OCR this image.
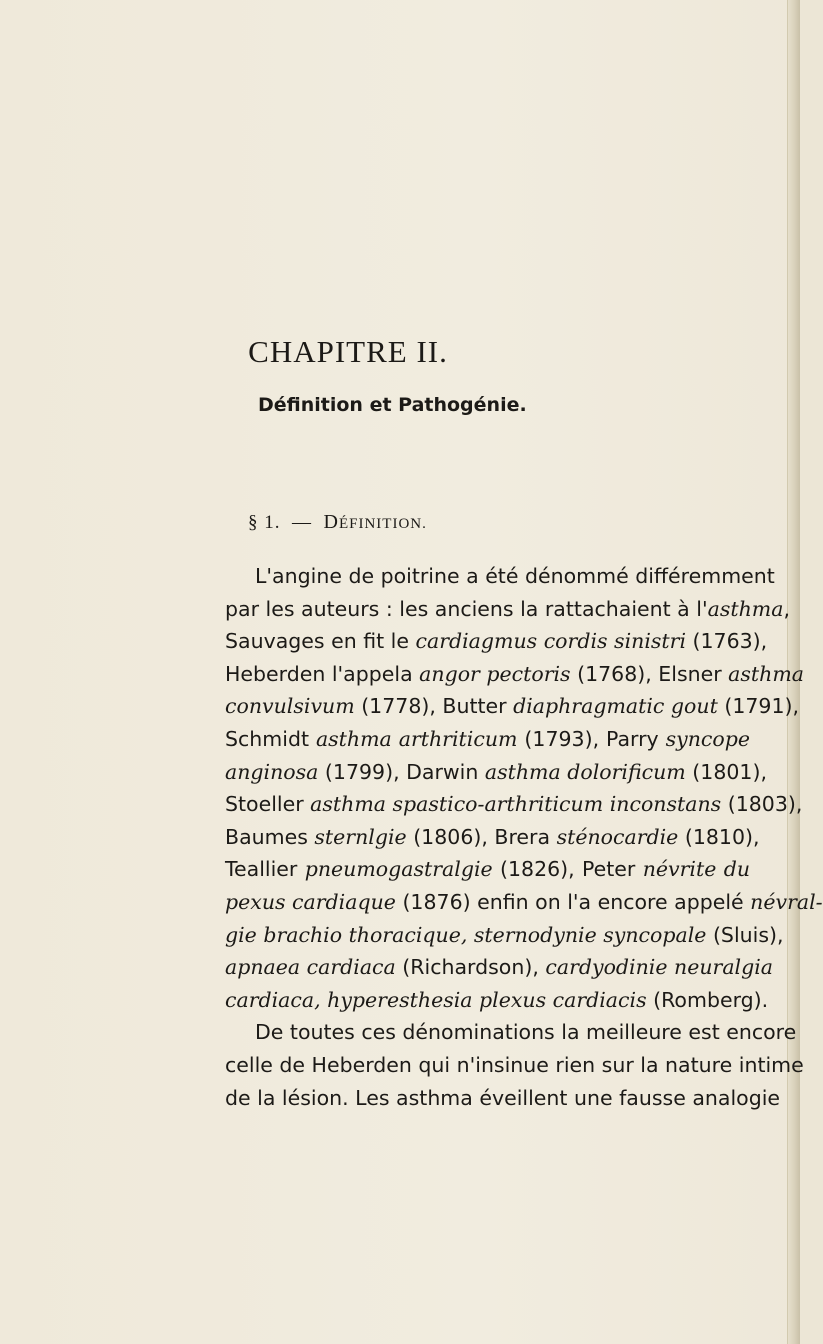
CHAPITRE II.
Définition et Pathogénie.
§ 1. — DÉFINITION.
L'angine de poitrine a été dénommé différemment
par les auteurs : les anciens la rattachaient à l'asthma,
Sauvages en fit le cardiagmus cordis sinistri (1763),
Heberden l'appela angor pectoris (1768), Elsner asthma
convulsivum (1778), Butter diaphragmatic gout (1791),
Schmidt asthma arthriticum (1793), Parry syncope
anginosa (1799), Darwin asthma dolorificum (1801),
Stoeller asthma spastico-arthriticum inconstans (1803),
Baumes sternlgie (1806), Brera sténocardie (1810),
Teallier pneumogastralgie (1826), Peter névrite du
pexus cardiaque (1876) enfin on l'a encore appelé névral-
gie brachio thoracique, sternodynie syncopale (Sluis),
apnaea cardiaca (Richardson), cardyodinie neuralgia
cardiaca, hyperesthesia plexus cardiacis (Romberg).
De toutes ces dénominations la meilleure est encore
celle de Heberden qui n'insinue rien sur la nature intime
de la lésion. Les asthma éveillent une fausse analogie
